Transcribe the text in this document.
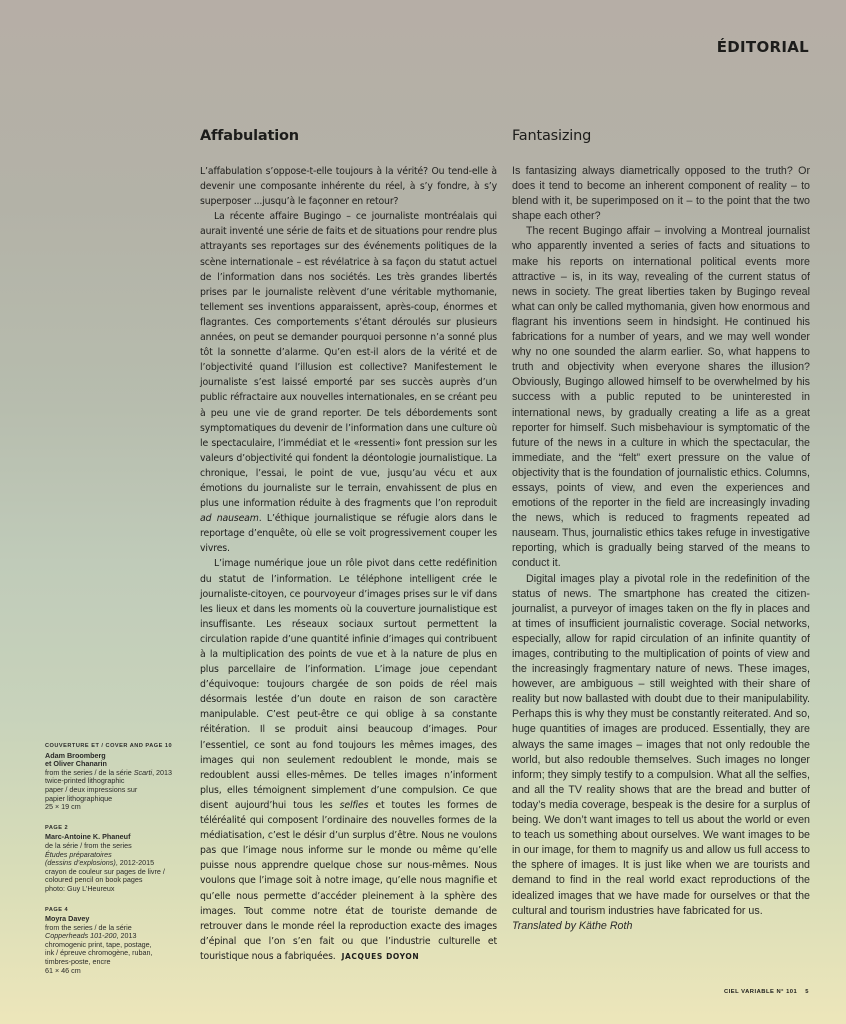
ÉDITORIAL
Affabulation

L’affabulation s’oppose-t-elle toujours à la vérité? Ou tend-elle à devenir une composante inhérente du réel, à s’y fondre, à s’y superposer ...jusqu’à le façonner en retour?

La récente affaire Bugingo – ce journaliste montréalais qui aurait inventé une série de faits et de situations pour rendre plus attrayants ses reportages sur des événements politiques de la scène internationale – est révélatrice à sa façon du statut actuel de l’information dans nos sociétés. Les très grandes libertés prises par le journaliste relèvent d’une véritable mythomanie, tellement ses inventions apparaissent, après-coup, énormes et flagrantes. Ces comportements s’étant déroulés sur plusieurs années, on peut se demander pourquoi personne n’a sonné plus tôt la sonnette d’alarme. Qu’en est-il alors de la vérité et de l’objectivité quand l’illusion est collective? Manifestement le journaliste s’est laissé emporté par ses succès auprès d’un public réfractaire aux nouvelles internationales, en se créant peu à peu une vie de grand reporter. De tels débordements sont symptomatiques du devenir de l’information dans une culture où le spectaculaire, l’immédiat et le «ressenti» font pression sur les valeurs d’objectivité qui fondent la déontologie journalistique. La chronique, l’essai, le point de vue, jusqu’au vécu et aux émotions du journaliste sur le terrain, envahissent de plus en plus une information réduite à des fragments que l’on reproduit ad nauseam. L’éthique journalistique se réfugie alors dans le reportage d’enquête, où elle se voit progressivement couper les vivres.

L’image numérique joue un rôle pivot dans cette redéfinition du statut de l’information. Le téléphone intelligent crée le journaliste-citoyen, ce pourvoyeur d’images prises sur le vif dans les lieux et dans les moments où la couverture journalistique est insuffisante. Les réseaux sociaux surtout permettent la circulation rapide d’une quantité infinie d’images qui contribuent à la multiplication des points de vue et à la nature de plus en plus parcellaire de l’information. L’image joue cependant d’équivoque: toujours chargée de son poids de réel mais désormais lestée d’un doute en raison de son caractère manipulable. C’est peut-être ce qui oblige à sa constante réitération. Il se produit ainsi beaucoup d’images. Pour l’essentiel, ce sont au fond toujours les mêmes images, des images qui non seulement redoublent le monde, mais se redoublent aussi elles-mêmes. De telles images n’informent plus, elles témoignent simplement d’une compulsion. Ce que disent aujourd’hui tous les selfies et toutes les formes de téléréalité qui composent l’ordinaire des nouvelles formes de la médiatisation, c’est le désir d’un surplus d’être. Nous ne voulons pas que l’image nous informe sur le monde ou même qu’elle puisse nous apprendre quelque chose sur nous-mêmes. Nous voulons que l’image soit à notre image, qu’elle nous magnifie et qu’elle nous permette d’accéder pleinement à la sphère des images. Tout comme notre état de touriste demande de retrouver dans le monde réel la reproduction exacte des images d’épinal que l’on s’en fait ou que l’industrie culturelle et touristique nous a fabriquées. JACQUES DOYON

Fantasizing

Is fantasizing always diametrically opposed to the truth? Or does it tend to become an inherent component of reality – to blend with it, be superimposed on it – to the point that the two shape each other?

The recent Bugingo affair – involving a Montreal journalist who apparently invented a series of facts and situations to make his reports on international political events more attractive – is, in its way, revealing of the current status of news in society. The great liberties taken by Bugingo reveal what can only be called mythomania, given how enormous and flagrant his inventions seem in hindsight. He continued his fabrications for a number of years, and we may well wonder why no one sounded the alarm earlier. So, what happens to truth and objectivity when everyone shares the illusion? Obviously, Bugingo allowed himself to be overwhelmed by his success with a public reputed to be uninterested in international news, by gradually creating a life as a great reporter for himself. Such misbehaviour is symptomatic of the future of the news in a culture in which the spectacular, the immediate, and the “felt” exert pressure on the value of objectivity that is the foundation of journalistic ethics. Columns, essays, points of view, and even the experiences and emotions of the reporter in the field are increasingly invading the news, which is reduced to fragments repeated ad nauseam. Thus, journalistic ethics takes refuge in investigative reporting, which is gradually being starved of the means to conduct it.

Digital images play a pivotal role in the redefinition of the status of news. The smartphone has created the citizen-journalist, a purveyor of images taken on the fly in places and at times of insufficient journalistic coverage. Social networks, especially, allow for rapid circulation of an infinite quantity of images, contributing to the multiplication of points of view and the increasingly fragmentary nature of news. These images, however, are ambiguous – still weighted with their share of reality but now ballasted with doubt due to their manipulability. Perhaps this is why they must be constantly reiterated. And so, huge quantities of images are produced. Essentially, they are always the same images – images that not only redouble the world, but also redouble themselves. Such images no longer inform; they simply testify to a compulsion. What all the selfies, and all the TV reality shows that are the bread and butter of today’s media coverage, bespeak is the desire for a surplus of being. We don’t want images to tell us about the world or even to teach us something about ourselves. We want images to be in our image, for them to magnify us and allow us full access to the sphere of images. It is just like when we are tourists and demand to find in the real world exact reproductions of the idealized images that we have made for ourselves or that the cultural and tourism industries have fabricated for us.

Translated by Käthe Roth

COUVERTURE ET / COVER AND PAGE 10
Adam Broomberg
et Oliver Chanarin
from the series / de la série Scarti, 2013
twice-printed lithographic
paper / deux impressions sur
papier lithographique
25 × 19 cm
PAGE 2
Marc-Antoine K. Phaneuf
de la série / from the series
Études préparatoires
(dessins d’explosions), 2012-2015
crayon de couleur sur pages de livre /
coloured pencil on book pages
photo: Guy L’Heureux
PAGE 4
Moyra Davey
from the series / de la série
Copperheads 101-200, 2013
chromogenic print, tape, postage,
ink / épreuve chromogène, ruban,
timbres-poste, encre
61 × 46 cm
CIEL VARIABLE N° 101 5
